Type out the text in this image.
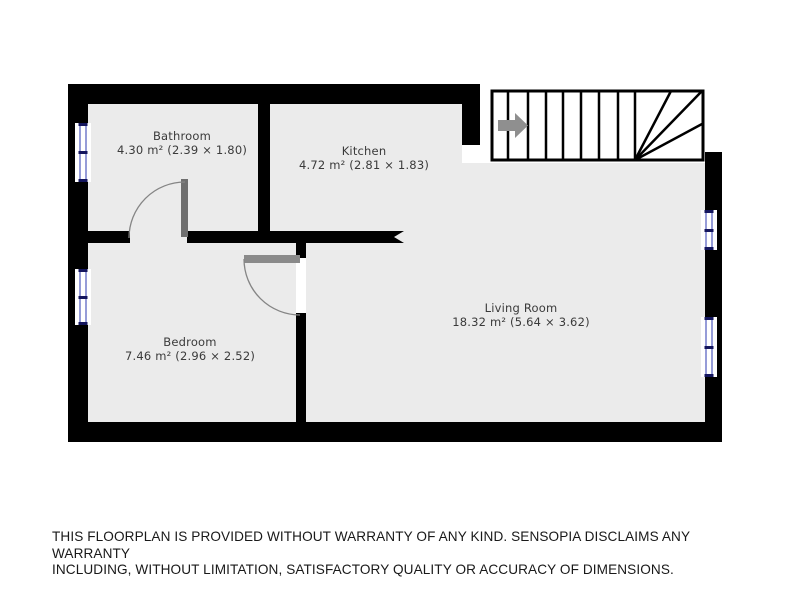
Bathroom
4.30 m² (2.39 × 1.80)	Kitchen
4.72 m² (2.81 × 1.83)
Living Room
18.32 m² (5.64 × 3.62)
Bedroom
7.46 m² (2.96 × 2.52)
THIS FLOORPLAN IS PROVIDED WITHOUT WARRANTY OF ANY KIND. SENSOPIA DISCLAIMS ANY WARRANTY
INCLUDING, WITHOUT LIMITATION, SATISFACTORY QUALITY OR ACCURACY OF DIMENSIONS.
